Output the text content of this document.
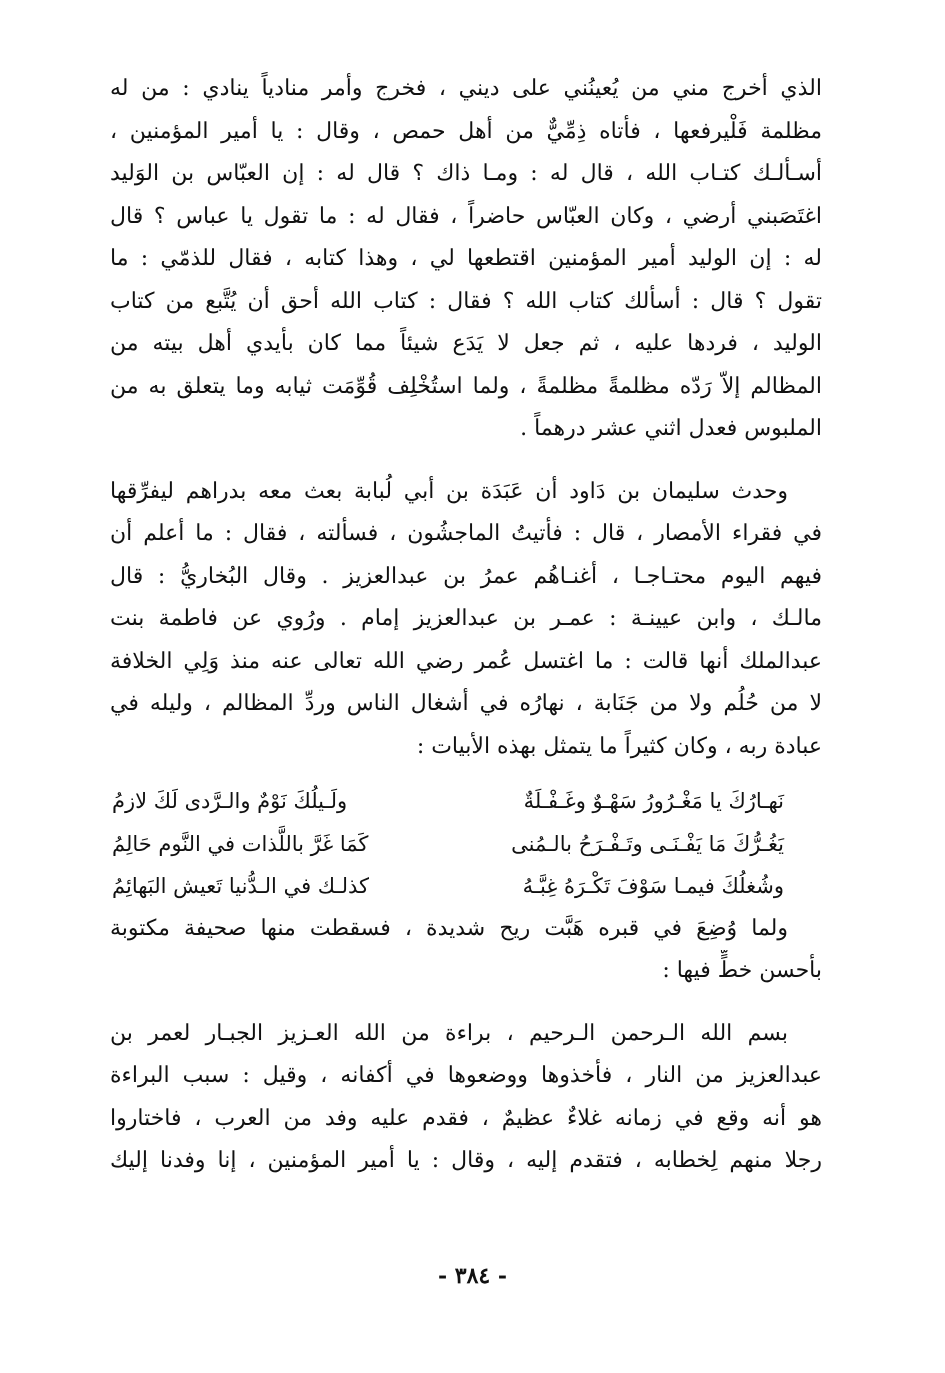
الذي أخرج مني من يُعينُني على ديني ، فخرج وأمر منادياً ينادي : من له
مظلمة فَلْيرفعها ، فأتاه ذِمِّيٌّ من أهل حمص ، وقال : يا أمير المؤمنين ،
أسـألـك كتـاب الله ، قال له : ومـا ذاك ؟ قال له : إن العبّاس بن الوَليد
اغتَصَبني أرضي ، وكان العبّاس حاضراً ، فقال له : ما تقول يا عباس ؟ قال
له : إن الوليد أمير المؤمنين اقتطعها لي ، وهذا كتابه ، فقال للذمّي : ما
تقول ؟ قال : أسألك كتاب الله ؟ فقال : كتاب الله أحق أن يُتَّبع من كتاب
الوليد ، فردها عليه ، ثم جعل لا يَدَع شيئاً مما كان بأيدي أهل بيته من
المظالم إلاّ رَدّه مظلمةً مظلمةً ، ولما استُخْلِف قُوِّمَت ثيابه وما يتعلق به من
الملبوس فعدل اثني عشر درهماً .
وحدث سليمان بن دَاود أن عَبَدَة بن أبي لُبابة بعث معه بدراهم ليفرِّقها
في فقراء الأمصار ، قال : فأتيتُ الماجشُون ، فسألته ، فقال : ما أعلم أن
فيهم اليوم محتـاجـا ، أغنـاهُم عمرُ بن عبدالعزيز . وقال البُخاريُّ : قال
مالـك ، وابن عيينـة : عمـر بن عبدالعزيز إمام . ورُوي عن فاطمة بنت
عبدالملك أنها قالت : ما اغتسل عُمر رضي الله تعالى عنه منذ وَلِي الخلافة
لا من حُلُم ولا من جَنَابة ، نهارُه في أشغال الناس وردِّ المظالم ، وليله في
عبادة ربه ، وكان كثيراً ما يتمثل بهذه الأبيات :
نَهـارُكَ يا مَغْـرُورُ سَهْـوٌ وغَـفْـلَةٌ
ولَـيلُكَ نَوْمٌ والـرَّدى لَكَ لازمُ
يَغُـرُّكَ مَا يَفْـنَـى وتَـفْـرَحُ بالـمُنى
كَمَا غَرَّ باللَّذات في النَّوم حَالِمُ
وشُغلُكَ فيمـا سَوْفَ تَكْـرَهُ غِبَّـهُ
كذلـك في الـدُّنيا تَعيش البَهائِمُ
ولما وُضِعَ في قبره هَبَّت ريح شديدة ، فسقطت منها صحيفة مكتوبة
بأحسن خطٍّ فيها :
بسم الله الـرحمن الـرحيم ، براءة من الله العـزيز الجبـار لعمر بن
عبدالعزيز من النار ، فأخذوها ووضعوها في أكفانه ، وقيل : سبب البراءة
هو أنه وقع في زمانه غلاءٌ عظيمٌ ، فقدم عليه وفد من العرب ، فاختاروا
رجلا منهم لِخطابه ، فتقدم إليه ، وقال : يا أمير المؤمنين ، إنا وفدنا إليك
- ٣٨٤ -
